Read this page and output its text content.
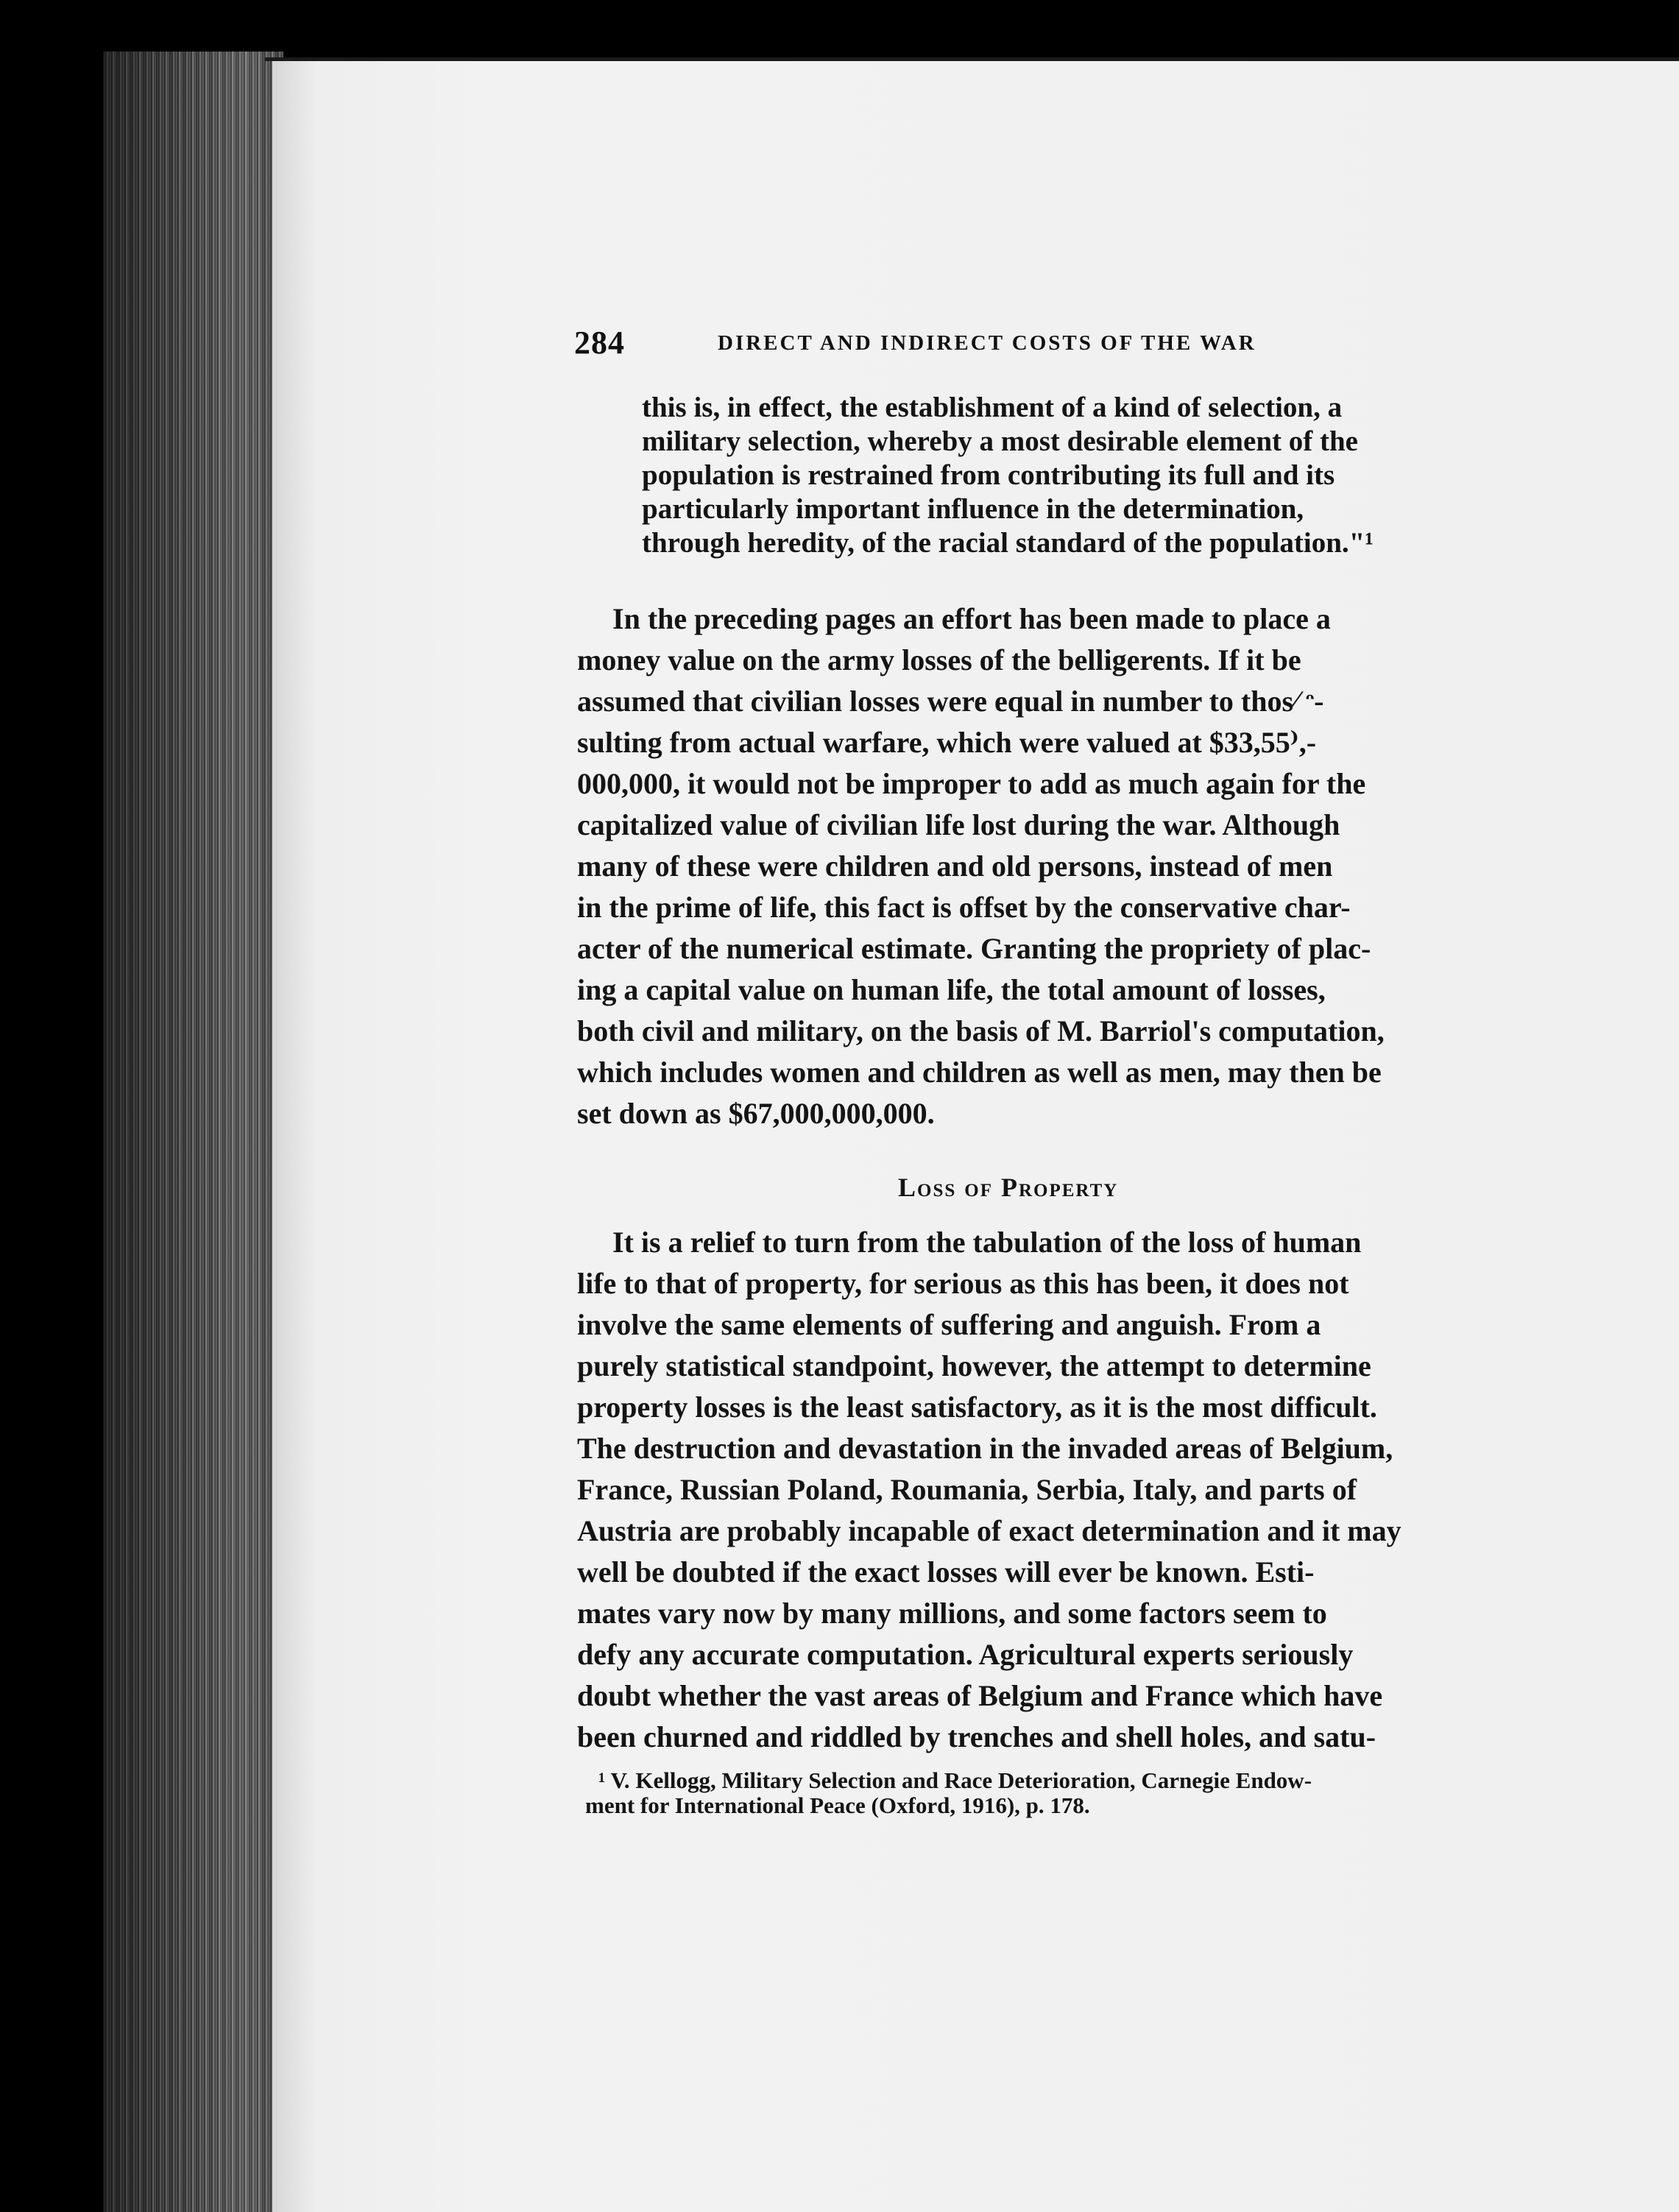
284	DIRECT AND INDIRECT COSTS OF THE WAR
this is, in effect, the establishment of a kind of selection, a
military selection, whereby a most desirable element of the
population is restrained from contributing its full and its
particularly important influence in the determination,
through heredity, of the racial standard of the population."¹
In the preceding pages an effort has been made to place a
money value on the army losses of the belligerents. If it be
assumed that civilian losses were equal in number to thos⁄ ᵔ-
sulting from actual warfare, which were valued at $33,55⁾,-
000,000, it would not be improper to add as much again for the
capitalized value of civilian life lost during the war. Although
many of these were children and old persons, instead of men
in the prime of life, this fact is offset by the conservative char-
acter of the numerical estimate. Granting the propriety of plac-
ing a capital value on human life, the total amount of losses,
both civil and military, on the basis of M. Barriol's computation,
which includes women and children as well as men, may then be
set down as $67,000,000,000.
Loss of Property
It is a relief to turn from the tabulation of the loss of human
life to that of property, for serious as this has been, it does not
involve the same elements of suffering and anguish. From a
purely statistical standpoint, however, the attempt to determine
property losses is the least satisfactory, as it is the most difficult.
The destruction and devastation in the invaded areas of Belgium,
France, Russian Poland, Roumania, Serbia, Italy, and parts of
Austria are probably incapable of exact determination and it may
well be doubted if the exact losses will ever be known. Esti-
mates vary now by many millions, and some factors seem to
defy any accurate computation. Agricultural experts seriously
doubt whether the vast areas of Belgium and France which have
been churned and riddled by trenches and shell holes, and satu-
¹ V. Kellogg, Military Selection and Race Deterioration, Carnegie Endow-
ment for International Peace (Oxford, 1916), p. 178.
